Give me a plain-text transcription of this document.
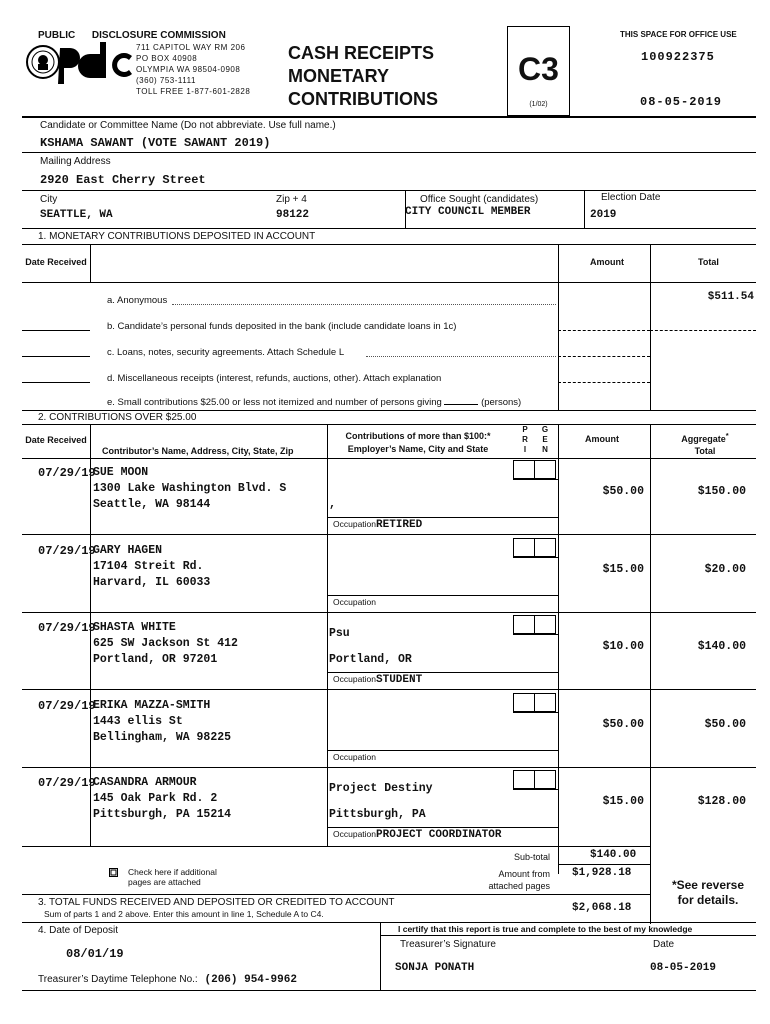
PUBLIC DISCLOSURE COMMISSION
711 CAPITOL WAY RM 206
PO BOX 40908
OLYMPIA WA 98504-0908
(360) 753-1111
TOLL FREE 1-877-601-2828
CASH RECEIPTS
MONETARY
CONTRIBUTIONS
C3
(1/02)
THIS SPACE FOR OFFICE USE
100922375
08-05-2019
Candidate or Committee Name (Do not abbreviate. Use full name.)
KSHAMA SAWANT (VOTE SAWANT 2019)
Mailing Address
2920 East Cherry Street
City
SEATTLE, WA
Zip + 4
98122
Office Sought (candidates)
CITY COUNCIL MEMBER
Election Date
2019
1. MONETARY CONTRIBUTIONS DEPOSITED IN ACCOUNT
Date Received	Amount	Total
a. Anonymous	$511.54
b. Candidate’s personal funds deposited in the bank (include candidate loans in 1c)
c. Loans, notes, security agreements. Attach Schedule L
d. Miscellaneous receipts (interest, refunds, auctions, other). Attach explanation
e. Small contributions $25.00 or less not itemized and number of persons giving	(persons)
2. CONTRIBUTIONS OVER $25.00
Date Received
Contributor’s Name, Address, City, State, Zip
Contributions of more than $100:*
Employer’s Name, City and State
P R I
G E N
Amount	Aggregate*
Total
07/29/19
SUE MOON
1300 Lake Washington Blvd. S
Seattle, WA 98144	,
OccupationRETIRED
$50.00	$150.00
07/29/19
GARY HAGEN
17104 Streit Rd.
Harvard, IL 60033
Occupation
$15.00	$20.00
07/29/19
SHASTA WHITE
625 SW Jackson St 412
Portland, OR 97201
Psu
Portland, OR
OccupationSTUDENT
$10.00	$140.00
07/29/19
ERIKA MAZZA-SMITH
1443 ellis St
Bellingham, WA 98225
Occupation
$50.00	$50.00
07/29/19
CASANDRA ARMOUR
145 Oak Park Rd. 2
Pittsburgh, PA 15214
Project Destiny
Pittsburgh, PA
OccupationPROJECT COORDINATOR
$15.00	$128.00
Check here if additional
pages are attached
Sub-total	$140.00
Amount from
attached pages
$1,928.18
*See reverse
for details.
3. TOTAL FUNDS RECEIVED AND DEPOSITED OR CREDITED TO ACCOUNT
Sum of parts 1 and 2 above. Enter this amount in line 1, Schedule A to C4.	$2,068.18
4. Date of Deposit
08/01/19
I certify that this report is true and complete to the best of my knowledge
Treasurer’s Signature	Date
SONJA PONATH	08-05-2019
Treasurer’s Daytime Telephone No.: (206) 954-9962
